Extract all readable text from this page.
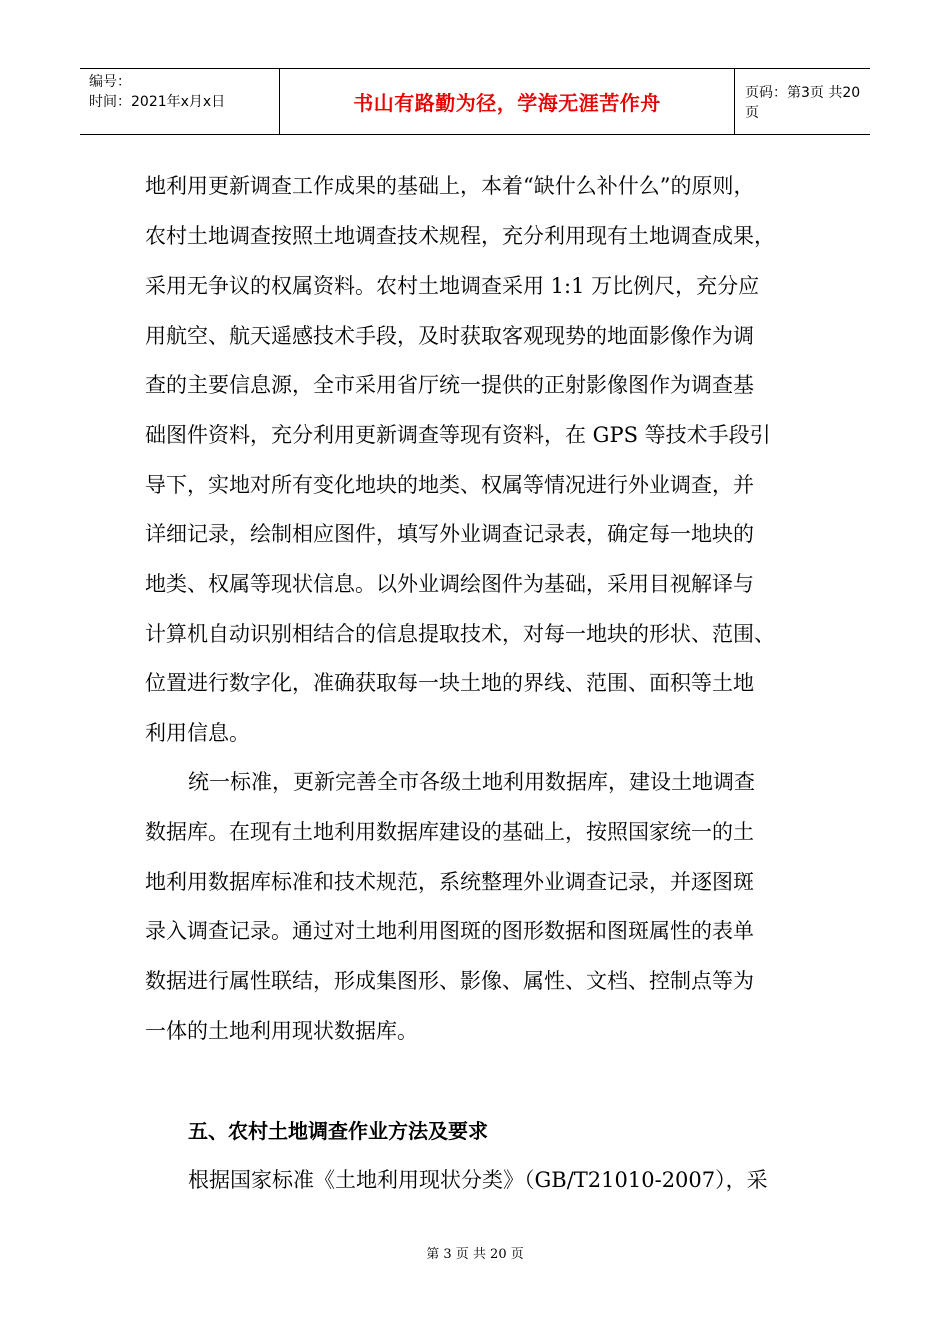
编号：
时间：2021年x月x日	书山有路勤为径，学海无涯苦作舟	页码：第3页 共20页
地利用更新调查工作成果的基础上，本着“缺什么补什么”的原则，
农村土地调查按照土地调查技术规程，充分利用现有土地调查成果，
采用无争议的权属资料。农村土地调查采用 1:1 万比例尺，充分应
用航空、航天遥感技术手段，及时获取客观现势的地面影像作为调
查的主要信息源，全市采用省厅统一提供的正射影像图作为调查基
础图件资料，充分利用更新调查等现有资料，在 GPS 等技术手段引
导下，实地对所有变化地块的地类、权属等情况进行外业调查，并
详细记录，绘制相应图件，填写外业调查记录表，确定每一地块的
地类、权属等现状信息。以外业调绘图件为基础，采用目视解译与
计算机自动识别相结合的信息提取技术，对每一地块的形状、范围、
位置进行数字化，准确获取每一块土地的界线、范围、面积等土地
利用信息。
统一标准，更新完善全市各级土地利用数据库，建设土地调查
数据库。在现有土地利用数据库建设的基础上，按照国家统一的土
地利用数据库标准和技术规范，系统整理外业调查记录，并逐图斑
录入调查记录。通过对土地利用图斑的图形数据和图斑属性的表单
数据进行属性联结，形成集图形、影像、属性、文档、控制点等为
一体的土地利用现状数据库。
五、农村土地调查作业方法及要求
根据国家标准《土地利用现状分类》（GB/T21010-2007），采
第 3 页 共 20 页
